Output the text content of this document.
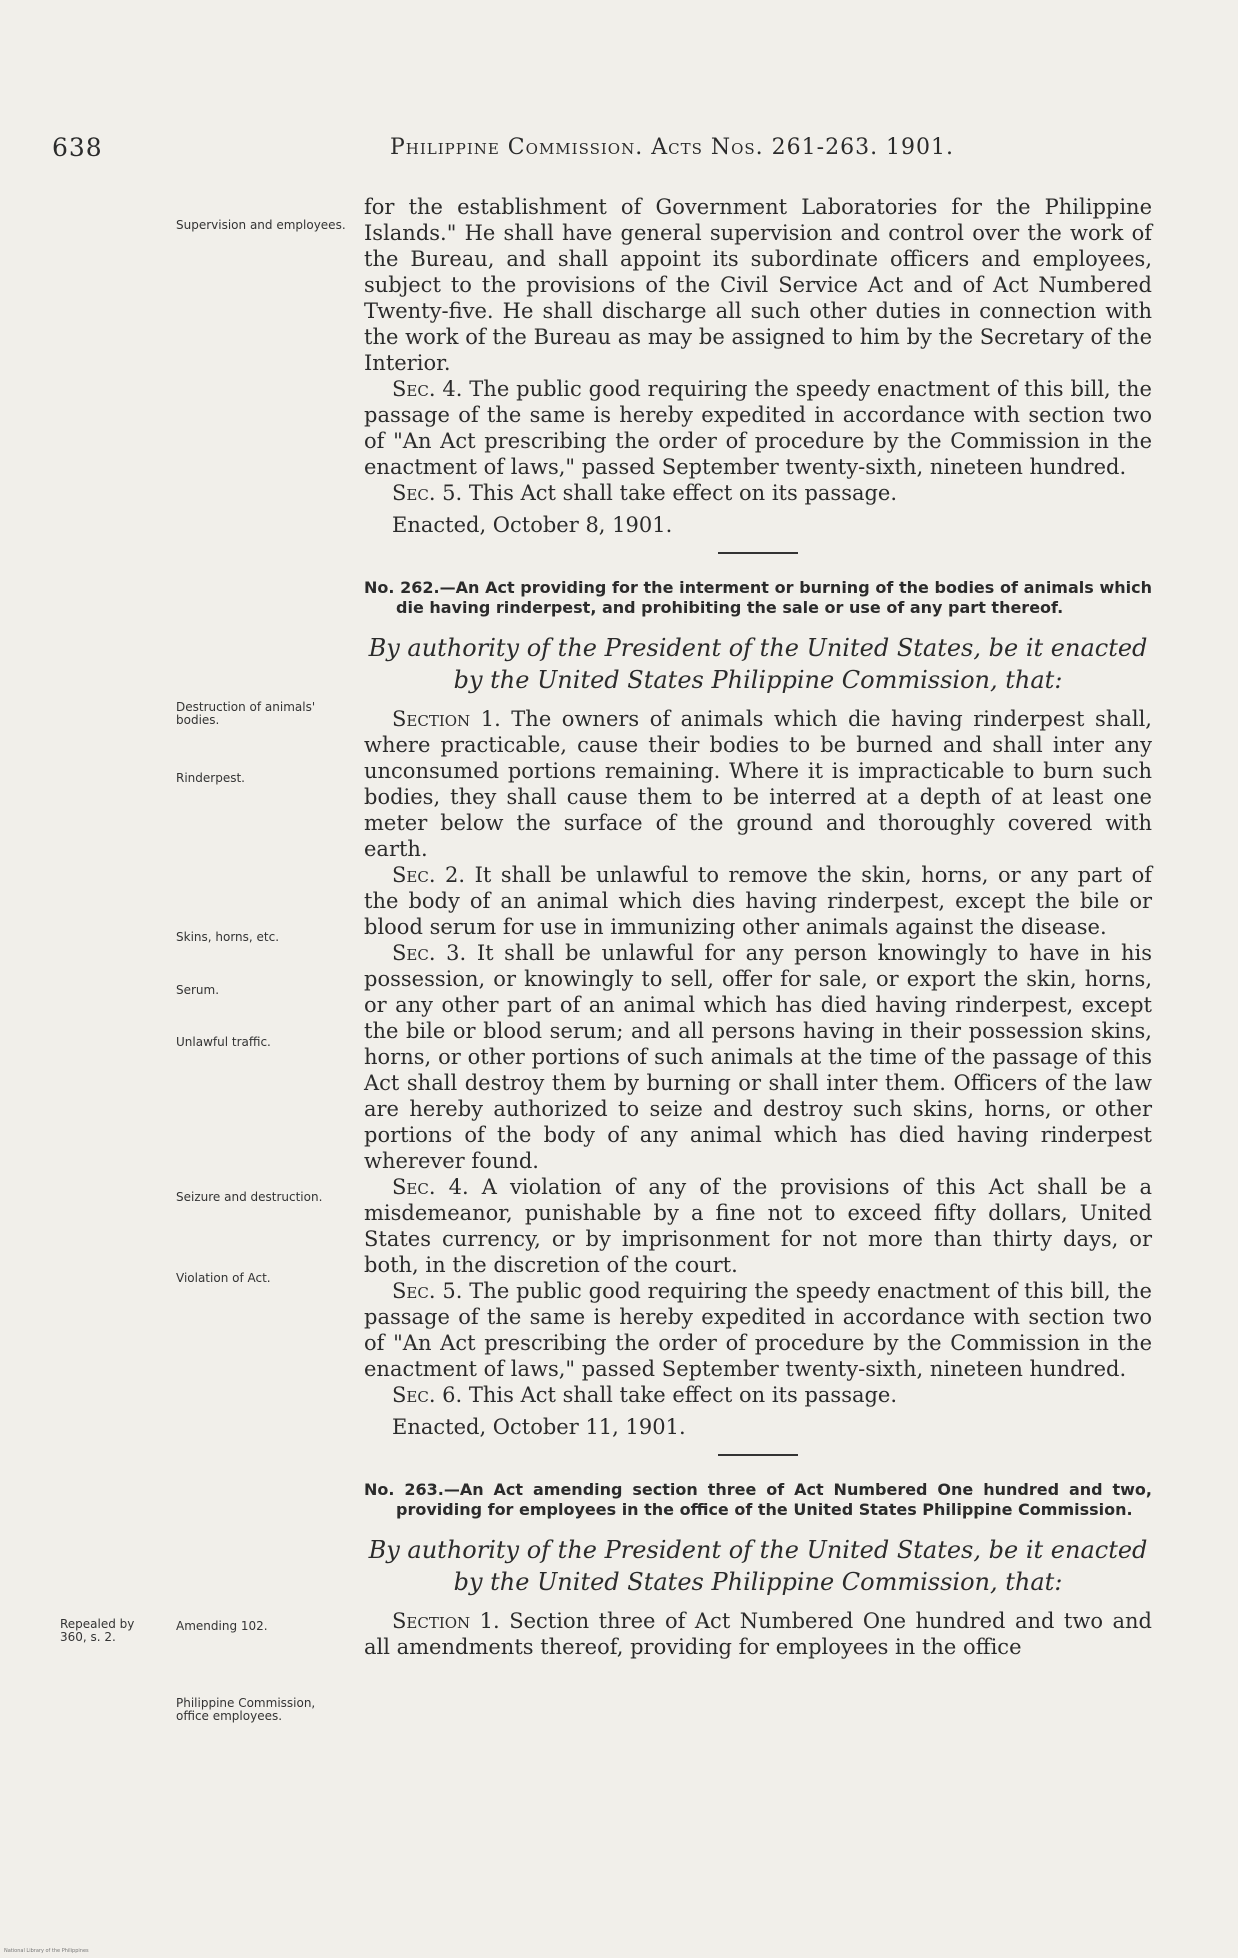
638	Philippine Commission. Acts Nos. 261-263. 1901.
Supervision and employees.
Destruction of animals' bodies.
Rinderpest.
Skins, horns, etc.
Serum.
Unlawful traffic.
Seizure and destruction.
Violation of Act.
Repealed by 360, s. 2.
Amending 102.
Philippine Commission, office employees.

for the establishment of Government Laboratories for the Philippine Islands." He shall have general supervision and control over the work of the Bureau, and shall appoint its subordinate officers and employees, subject to the provisions of the Civil Service Act and of Act Numbered Twenty-five. He shall discharge all such other duties in connection with the work of the Bureau as may be assigned to him by the Secretary of the Interior.

Sec. 4. The public good requiring the speedy enactment of this bill, the passage of the same is hereby expedited in accordance with section two of "An Act prescribing the order of procedure by the Commission in the enactment of laws," passed September twenty-sixth, nineteen hundred.

Sec. 5. This Act shall take effect on its passage.

Enacted, October 8, 1901.

No. 262.—An Act providing for the interment or burning of the bodies of animals which die having rinderpest, and prohibiting the sale or use of any part thereof.

By authority of the President of the United States, be it enacted by the United States Philippine Commission, that:

Section 1. The owners of animals which die having rinderpest shall, where practicable, cause their bodies to be burned and shall inter any unconsumed portions remaining. Where it is impracticable to burn such bodies, they shall cause them to be interred at a depth of at least one meter below the surface of the ground and thoroughly covered with earth.

Sec. 2. It shall be unlawful to remove the skin, horns, or any part of the body of an animal which dies having rinderpest, except the bile or blood serum for use in immunizing other animals against the disease.

Sec. 3. It shall be unlawful for any person knowingly to have in his possession, or knowingly to sell, offer for sale, or export the skin, horns, or any other part of an animal which has died having rinderpest, except the bile or blood serum; and all persons having in their possession skins, horns, or other portions of such animals at the time of the passage of this Act shall destroy them by burning or shall inter them. Officers of the law are hereby authorized to seize and destroy such skins, horns, or other portions of the body of any animal which has died having rinderpest wherever found.

Sec. 4. A violation of any of the provisions of this Act shall be a misdemeanor, punishable by a fine not to exceed fifty dollars, United States currency, or by imprisonment for not more than thirty days, or both, in the discretion of the court.

Sec. 5. The public good requiring the speedy enactment of this bill, the passage of the same is hereby expedited in accordance with section two of "An Act prescribing the order of procedure by the Commission in the enactment of laws," passed September twenty-sixth, nineteen hundred.

Sec. 6. This Act shall take effect on its passage.

Enacted, October 11, 1901.

No. 263.—An Act amending section three of Act Numbered One hundred and two, providing for employees in the office of the United States Philippine Commission.

By authority of the President of the United States, be it enacted by the United States Philippine Commission, that:

Section 1. Section three of Act Numbered One hundred and two and all amendments thereof, providing for employees in the office

National Library of the Philippines
